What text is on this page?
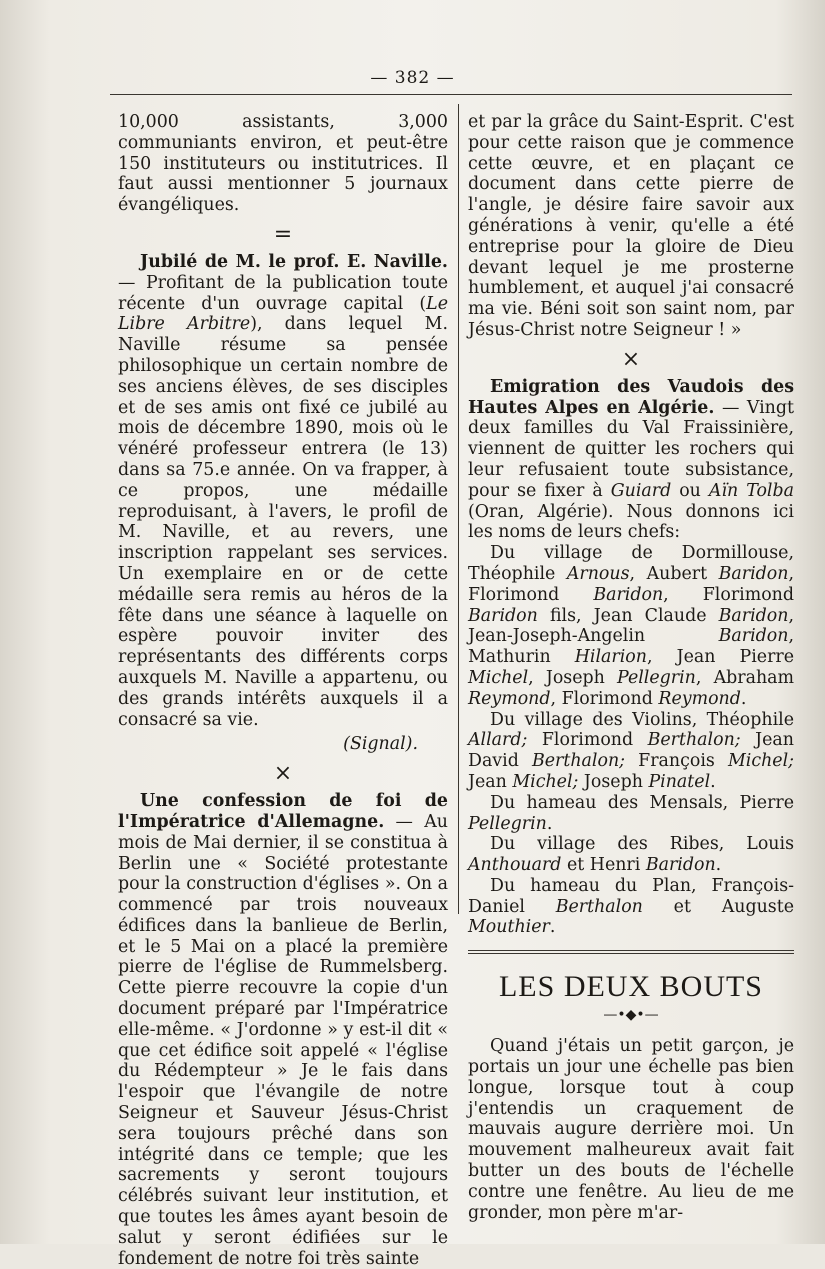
— 382 —

10,000 assistants, 3,000 communiants environ, et peut-être 150 instituteurs ou institutrices. Il faut aussi mentionner 5 journaux évangéliques.

=

Jubilé de M. le prof. E. Naville. — Profitant de la publication toute récente d'un ouvrage capital (Le Libre Arbitre), dans lequel M. Naville résume sa pensée philosophique un certain nombre de ses anciens élèves, de ses disciples et de ses amis ont fixé ce jubilé au mois de décembre 1890, mois où le vénéré professeur entrera (le 13) dans sa 75.e année. On va frapper, à ce propos, une médaille reproduisant, à l'avers, le profil de M. Naville, et au revers, une inscription rappelant ses services. Un exemplaire en or de cette médaille sera remis au héros de la fête dans une séance à laquelle on espère pouvoir inviter des représentants des différents corps auxquels M. Naville a appartenu, ou des grands intérêts auxquels il a consacré sa vie.

(Signal).

×

Une confession de foi de l'Impératrice d'Allemagne. — Au mois de Mai dernier, il se constitua à Berlin une « Société protestante pour la construction d'églises ». On a commencé par trois nouveaux édifices dans la banlieue de Berlin, et le 5 Mai on a placé la première pierre de l'église de Rummelsberg. Cette pierre recouvre la copie d'un document préparé par l'Impératrice elle-même. « J'ordonne » y est-il dit « que cet édifice soit appelé « l'église du Rédempteur » Je le fais dans l'espoir que l'évangile de notre Seigneur et Sauveur Jésus-Christ sera toujours prêché dans son intégrité dans ce temple; que les sacrements y seront toujours célébrés suivant leur institution, et que toutes les âmes ayant besoin de salut y seront édifiées sur le fondement de notre foi très sainte

et par la grâce du Saint-Esprit. C'est pour cette raison que je commence cette œuvre, et en plaçant ce document dans cette pierre de l'angle, je désire faire savoir aux générations à venir, qu'elle a été entreprise pour la gloire de Dieu devant lequel je me prosterne humblement, et auquel j'ai consacré ma vie. Béni soit son saint nom, par Jésus-Christ notre Seigneur ! »

×

Emigration des Vaudois des Hautes Alpes en Algérie. — Vingt deux familles du Val Fraissinière, viennent de quitter les rochers qui leur refusaient toute subsistance, pour se fixer à Guiard ou Aïn Tolba (Oran, Algérie). Nous donnons ici les noms de leurs chefs:

Du village de Dormillouse, Théophile Arnous, Aubert Baridon, Florimond Baridon, Florimond Baridon fils, Jean Claude Baridon, Jean-Joseph-Angelin Baridon, Mathurin Hilarion, Jean Pierre Michel, Joseph Pellegrin, Abraham Reymond, Florimond Reymond.

Du village des Violins, Théophile Allard; Florimond Berthalon; Jean David Berthalon; François Michel; Jean Michel; Joseph Pinatel.

Du hameau des Mensals, Pierre Pellegrin.

Du village des Ribes, Louis Anthouard et Henri Baridon.

Du hameau du Plan, François-Daniel Berthalon et Auguste Mouthier.

LES DEUX BOUTS
—•◆•—

Quand j'étais un petit garçon, je portais un jour une échelle pas bien longue, lorsque tout à coup j'entendis un craquement de mauvais augure derrière moi. Un mouvement malheureux avait fait butter un des bouts de l'échelle contre une fenêtre. Au lieu de me gronder, mon père m'ar-
